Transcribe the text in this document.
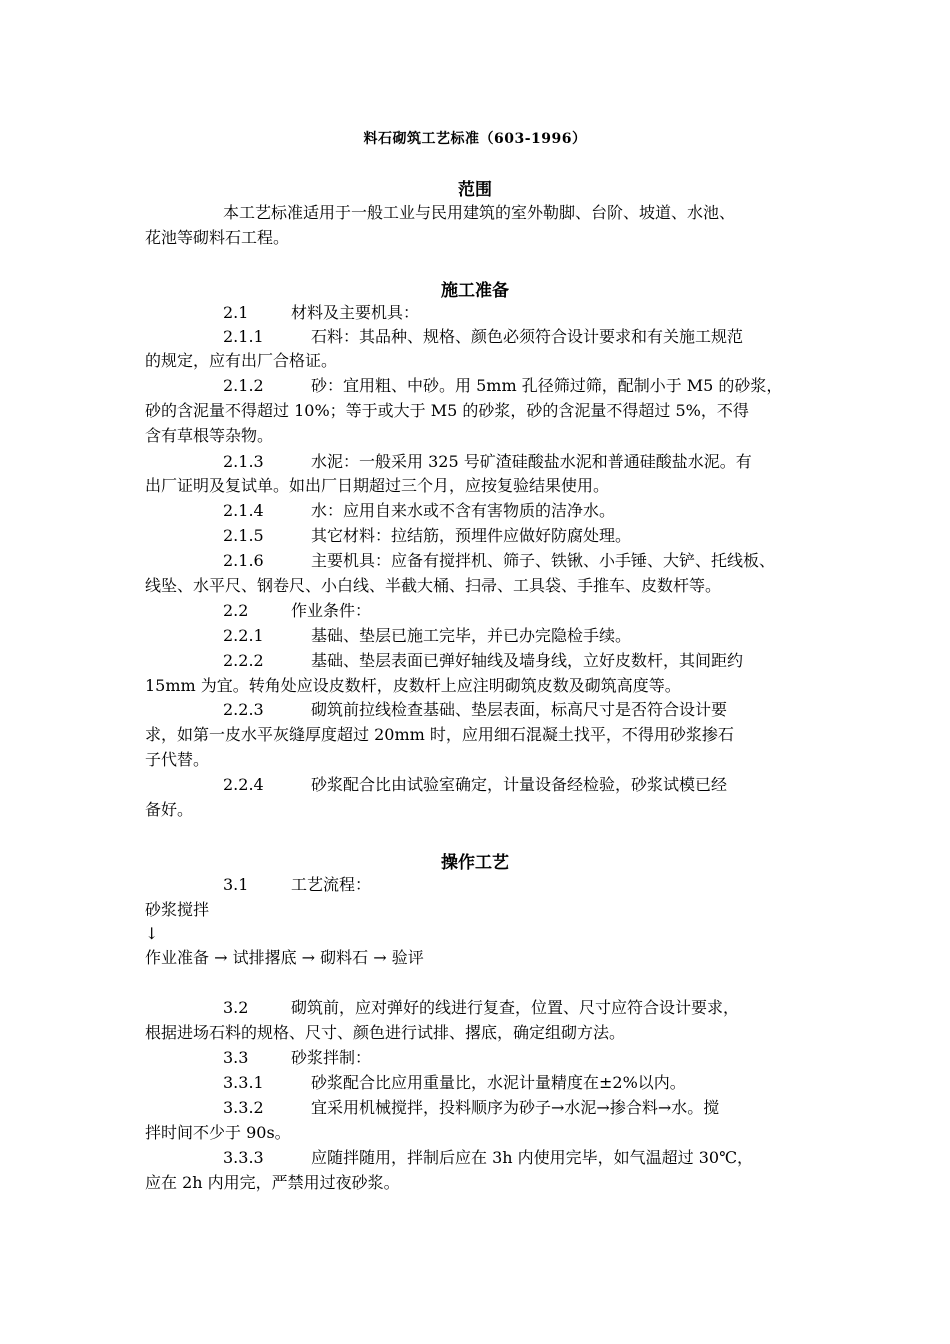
料石砌筑工艺标准（603-1996）
范围
本工艺标准适用于一般工业与民用建筑的室外勒脚、台阶、坡道、水池、
花池等砌料石工程。
施工准备
2.1	材料及主要机具：
2.1.1	石料：其品种、规格、颜色必须符合设计要求和有关施工规范
的规定，应有出厂合格证。
2.1.2	砂：宜用粗、中砂。用 5mm 孔径筛过筛，配制小于 M5 的砂浆，
砂的含泥量不得超过 10%；等于或大于 M5 的砂浆，砂的含泥量不得超过 5%，不得
含有草根等杂物。
2.1.3	水泥：一般采用 325 号矿渣硅酸盐水泥和普通硅酸盐水泥。有
出厂证明及复试单。如出厂日期超过三个月，应按复验结果使用。
2.1.4	水：应用自来水或不含有害物质的洁净水。
2.1.5	其它材料：拉结筋，预埋件应做好防腐处理。
2.1.6	主要机具：应备有搅拌机、筛子、铁锹、小手锤、大铲、托线板、
线坠、水平尺、钢卷尺、小白线、半截大桶、扫帚、工具袋、手推车、皮数杆等。
2.2	作业条件：
2.2.1	基础、垫层已施工完毕，并已办完隐检手续。
2.2.2	基础、垫层表面已弹好轴线及墙身线，立好皮数杆，其间距约
15mm 为宜。转角处应设皮数杆，皮数杆上应注明砌筑皮数及砌筑高度等。
2.2.3	砌筑前拉线检查基础、垫层表面，标高尺寸是否符合设计要
求，如第一皮水平灰缝厚度超过 20mm 时，应用细石混凝土找平，不得用砂浆掺石
子代替。
2.2.4	砂浆配合比由试验室确定，计量设备经检验，砂浆试模已经
备好。
操作工艺
3.1	工艺流程：
砂浆搅拌
↓
作业准备 → 试排撂底 → 砌料石 → 验评
3.2	砌筑前，应对弹好的线进行复查，位置、尺寸应符合设计要求，
根据进场石料的规格、尺寸、颜色进行试排、撂底，确定组砌方法。
3.3	砂浆拌制：
3.3.1	砂浆配合比应用重量比，水泥计量精度在±2%以内。
3.3.2	宜采用机械搅拌，投料顺序为砂子→水泥→掺合料→水。搅
拌时间不少于 90s。
3.3.3	应随拌随用，拌制后应在 3h 内使用完毕，如气温超过 30℃，
应在 2h 内用完，严禁用过夜砂浆。
